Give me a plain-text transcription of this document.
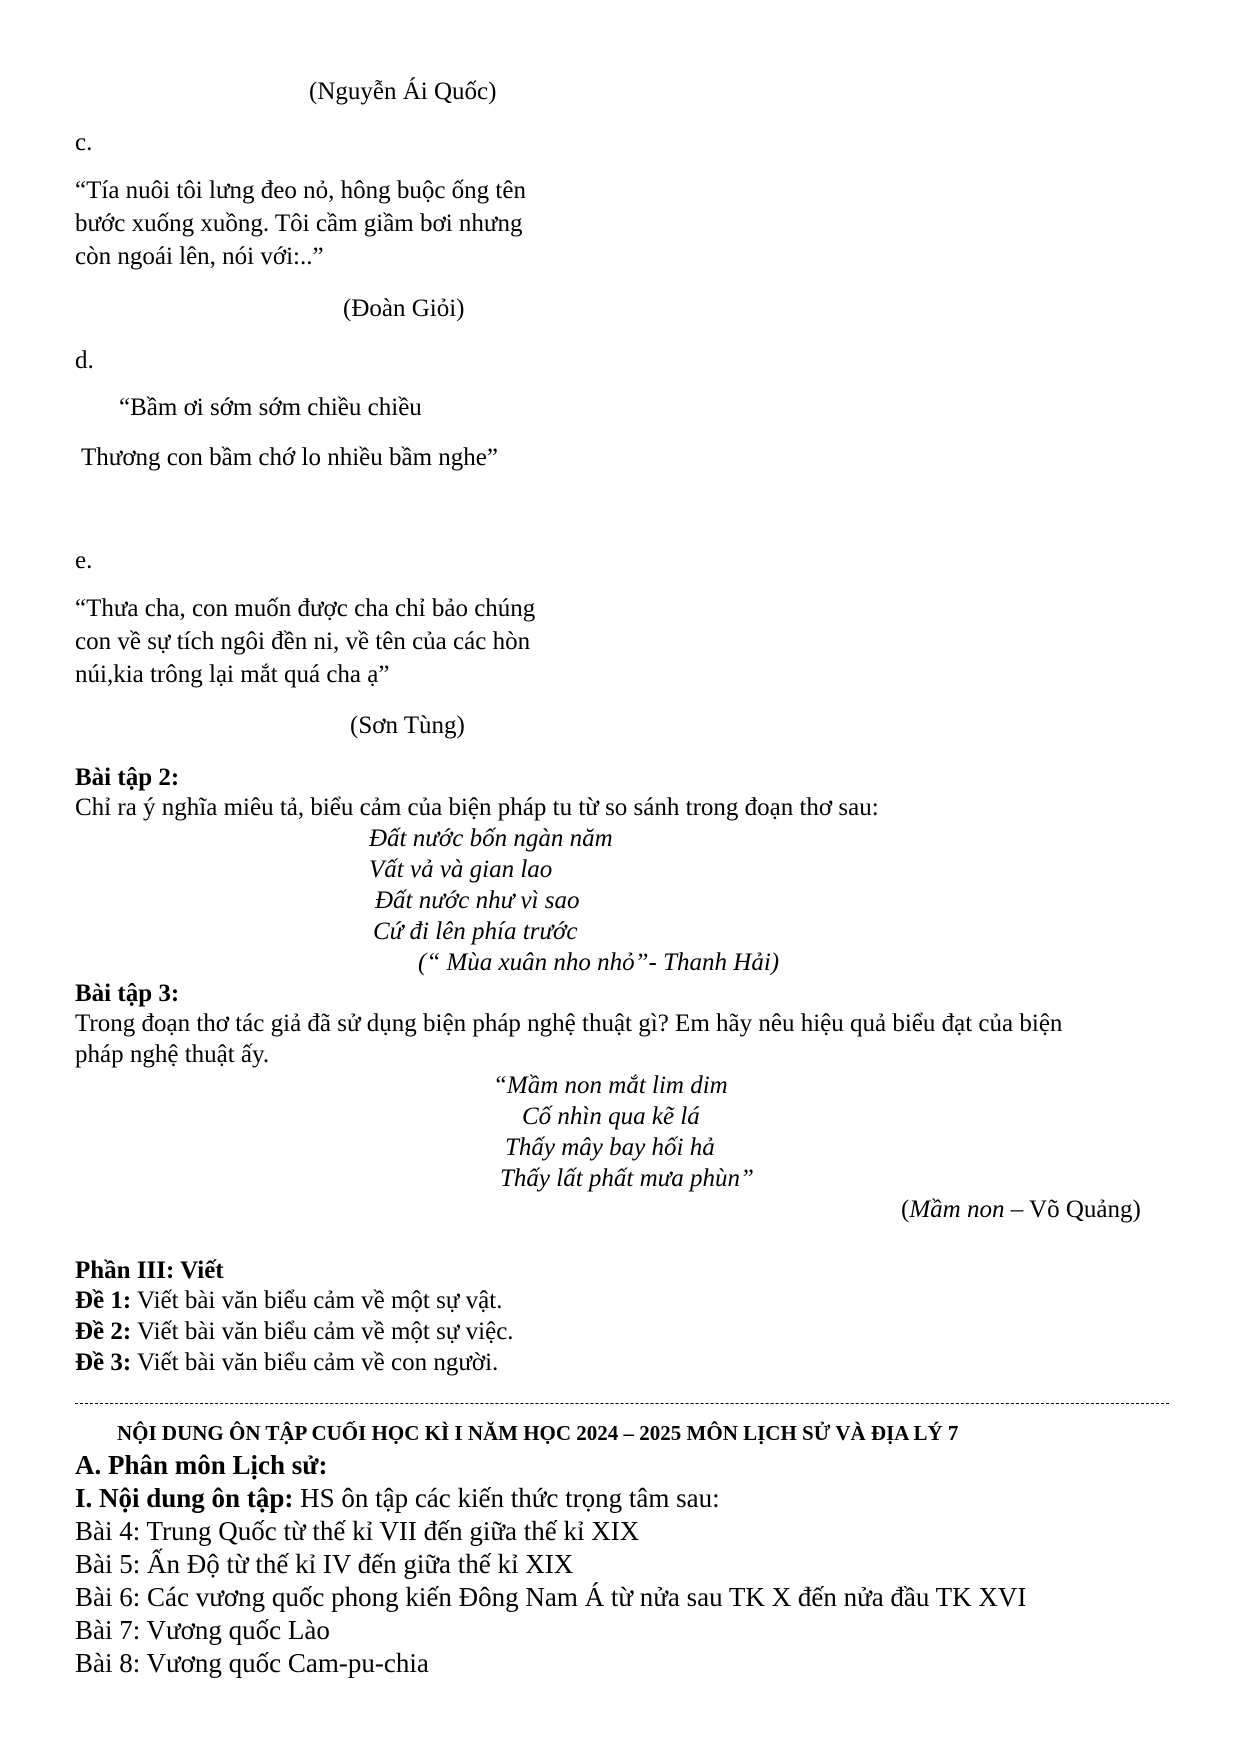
(Nguyễn Ái Quốc)
c.
“Tía nuôi tôi lưng đeo nỏ, hông buộc ống tên
bước xuống xuồng. Tôi cầm giầm bơi nhưng
còn ngoái lên, nói với:..”
(Đoàn Giỏi)
d.
“Bầm ơi sớm sớm chiều chiều
Thương con bầm chớ lo nhiều bầm nghe”
e.
“Thưa cha, con muốn được cha chỉ bảo chúng
con về sự tích ngôi đền ni, về tên của các hòn
núi,kia trông lại mắt quá cha ạ”
(Sơn Tùng)
Bài tập 2:
Chỉ ra ý nghĩa miêu tả, biểu cảm của biện pháp tu từ so sánh trong đoạn thơ sau:
Đất nước bốn ngàn năm
Vất vả và gian lao
Đất nước như vì sao
Cứ đi lên phía trước
(“ Mùa xuân nho nhỏ”- Thanh Hải)
Bài tập 3:
Trong đoạn thơ tác giả đã sử dụng biện pháp nghệ thuật gì? Em hãy nêu hiệu quả biểu đạt của biện
pháp nghệ thuật ấy.
“Mầm non mắt lim dim
Cố nhìn qua kẽ lá
Thấy mây bay hối hả
Thấy lất phất mưa phùn”
(Mầm non – Võ Quảng)
Phần III: Viết
Đề 1: Viết bài văn biểu cảm về một sự vật.
Đề 2: Viết bài văn biểu cảm về một sự việc.
Đề 3: Viết bài văn biểu cảm về con người.
NỘI DUNG ÔN TẬP CUỐI HỌC KÌ I NĂM HỌC 2024 – 2025 MÔN LỊCH SỬ VÀ ĐỊA LÝ 7
A. Phân môn Lịch sử:
I. Nội dung ôn tập: HS ôn tập các kiến thức trọng tâm sau:
Bài 4: Trung Quốc từ thế kỉ VII đến giữa thế kỉ XIX
Bài 5: Ấn Độ từ thế kỉ IV đến giữa thế kỉ XIX
Bài 6: Các vương quốc phong kiến Đông Nam Á từ nửa sau TK X đến nửa đầu TK XVI
Bài 7: Vương quốc Lào
Bài 8: Vương quốc Cam-pu-chia
